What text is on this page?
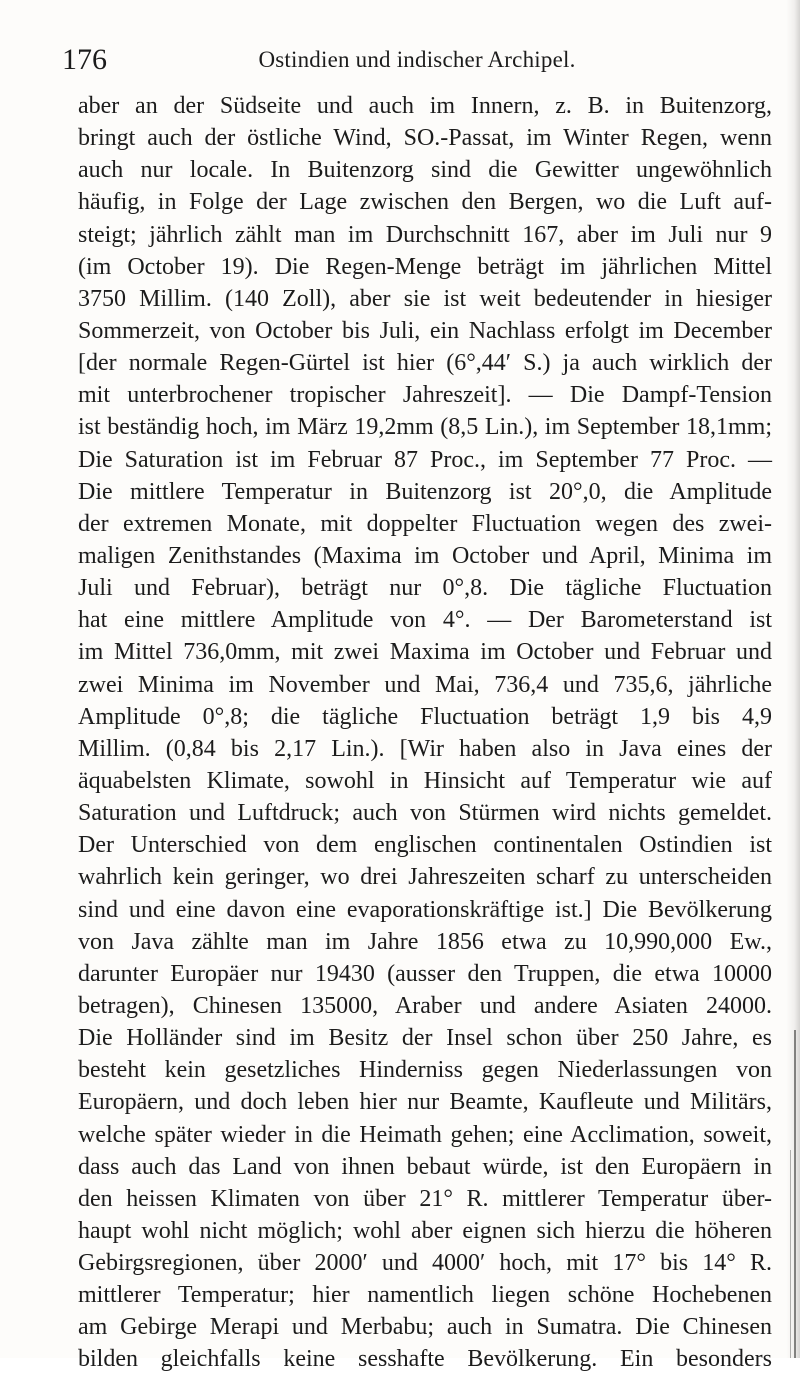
176	Ostindien und indischer Archipel.
aber an der Südseite und auch im Innern, z. B. in Buitenzorg,
bringt auch der östliche Wind, SO.-Passat, im Winter Regen, wenn
auch nur locale. In Buitenzorg sind die Gewitter ungewöhnlich
häufig, in Folge der Lage zwischen den Bergen, wo die Luft auf-
steigt; jährlich zählt man im Durchschnitt 167, aber im Juli nur 9
(im October 19). Die Regen-Menge beträgt im jährlichen Mittel
3750 Millim. (140 Zoll), aber sie ist weit bedeutender in hiesiger
Sommerzeit, von October bis Juli, ein Nachlass erfolgt im December
[der normale Regen-Gürtel ist hier (6°,44′ S.) ja auch wirklich der
mit unterbrochener tropischer Jahreszeit]. — Die Dampf-Tension
ist beständig hoch, im März 19,2mm (8,5 Lin.), im September 18,1mm;
Die Saturation ist im Februar 87 Proc., im September 77 Proc. —
Die mittlere Temperatur in Buitenzorg ist 20°,0, die Amplitude
der extremen Monate, mit doppelter Fluctuation wegen des zwei-
maligen Zenithstandes (Maxima im October und April, Minima im
Juli und Februar), beträgt nur 0°,8. Die tägliche Fluctuation
hat eine mittlere Amplitude von 4°. — Der Barometerstand ist
im Mittel 736,0mm, mit zwei Maxima im October und Februar und
zwei Minima im November und Mai, 736,4 und 735,6, jährliche
Amplitude 0°,8; die tägliche Fluctuation beträgt 1,9 bis 4,9
Millim. (0,84 bis 2,17 Lin.). [Wir haben also in Java eines der
äquabelsten Klimate, sowohl in Hinsicht auf Temperatur wie auf
Saturation und Luftdruck; auch von Stürmen wird nichts gemeldet.
Der Unterschied von dem englischen continentalen Ostindien ist
wahrlich kein geringer, wo drei Jahreszeiten scharf zu unterscheiden
sind und eine davon eine evaporationskräftige ist.] Die Bevölkerung
von Java zählte man im Jahre 1856 etwa zu 10,990,000 Ew.,
darunter Europäer nur 19430 (ausser den Truppen, die etwa 10000
betragen), Chinesen 135000, Araber und andere Asiaten 24000.
Die Holländer sind im Besitz der Insel schon über 250 Jahre, es
besteht kein gesetzliches Hinderniss gegen Niederlassungen von
Europäern, und doch leben hier nur Beamte, Kaufleute und Militärs,
welche später wieder in die Heimath gehen; eine Acclimation, soweit,
dass auch das Land von ihnen bebaut würde, ist den Europäern in
den heissen Klimaten von über 21° R. mittlerer Temperatur über-
haupt wohl nicht möglich; wohl aber eignen sich hierzu die höheren
Gebirgsregionen, über 2000′ und 4000′ hoch, mit 17° bis 14° R.
mittlerer Temperatur; hier namentlich liegen schöne Hochebenen
am Gebirge Merapi und Merbabu; auch in Sumatra. Die Chinesen
bilden gleichfalls keine sesshafte Bevölkerung. Ein besonders
